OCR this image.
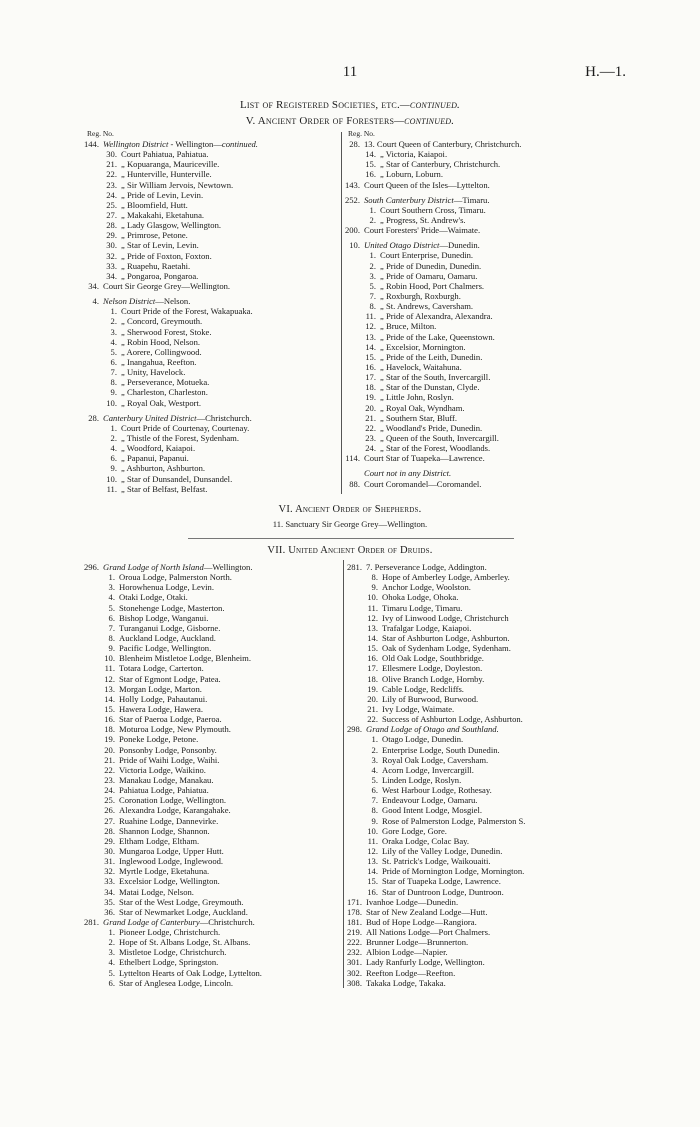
11	H.—1.
List of Registered Societies, etc.—continued.
V. Ancient Order of Foresters—continued.
Reg. No.	Reg. No.
144. Wellington District - Wellington—continued.
30. Court Pahiatua, Pahiatua.
21. „ Kopuaranga, Mauriceville.
22. „ Hunterville, Hunterville.
23. „ Sir William Jervois, Newtown.
24. „ Pride of Levin, Levin.
25. „ Bloomfield, Hutt.
27. „ Makakahi, Eketahuna.
28. „ Lady Glasgow, Wellington.
29. „ Primrose, Petone.
30. „ Star of Levin, Levin.
32. „ Pride of Foxton, Foxton.
33. „ Ruapehu, Raetahi.
34. „ Pongaroa, Pongaroa.
34. Court Sir George Grey—Wellington.
4. Nelson District—Nelson.
1. Court Pride of the Forest, Wakapuaka.
2. „ Concord, Greymouth.
3. „ Sherwood Forest, Stoke.
4. „ Robin Hood, Nelson.
5. „ Aorere, Collingwood.
6. „ Inangahua, Reefton.
7. „ Unity, Havelock.
8. „ Perseverance, Motueka.
9. „ Charleston, Charleston.
10. „ Royal Oak, Westport.
28. Canterbury United District—Christchurch.
1. Court Pride of Courtenay, Courtenay.
2. „ Thistle of the Forest, Sydenham.
4. „ Woodford, Kaiapoi.
6. „ Papanui, Papanui.
9. „ Ashburton, Ashburton.
10. „ Star of Dunsandel, Dunsandel.
11. „ Star of Belfast, Belfast.
28. 13. Court Queen of Canterbury, Christchurch.
14. „ Victoria, Kaiapoi.
15. „ Star of Canterbury, Christchurch.
16. „ Loburn, Loburn.
143. Court Queen of the Isles—Lyttelton.
252. South Canterbury District—Timaru.
1. Court Southern Cross, Timaru.
2. „ Progress, St. Andrew's.
200. Court Foresters' Pride—Waimate.
10. United Otago District—Dunedin.
1. Court Enterprise, Dunedin.
2. „ Pride of Dunedin, Dunedin.
3. „ Pride of Oamaru, Oamaru.
5. „ Robin Hood, Port Chalmers.
7. „ Roxburgh, Roxburgh.
8. „ St. Andrews, Caversham.
11. „ Pride of Alexandra, Alexandra.
12. „ Bruce, Milton.
13. „ Pride of the Lake, Queenstown.
14. „ Excelsior, Mornington.
15. „ Pride of the Leith, Dunedin.
16. „ Havelock, Waitahuna.
17. „ Star of the South, Invercargill.
18. „ Star of the Dunstan, Clyde.
19. „ Little John, Roslyn.
20. „ Royal Oak, Wyndham.
21. „ Southern Star, Bluff.
22. „ Woodland's Pride, Dunedin.
23. „ Queen of the South, Invercargill.
24. „ Star of the Forest, Woodlands.
114. Court Star of Tuapeka—Lawrence.
Court not in any District.
88. Court Coromandel—Coromandel.
VI. Ancient Order of Shepherds.
11. Sanctuary Sir George Grey—Wellington.
VII. United Ancient Order of Druids.
296. Grand Lodge of North Island—Wellington.
1. Oroua Lodge, Palmerston North.
3. Horowhenua Lodge, Levin.
4. Otaki Lodge, Otaki.
5. Stonehenge Lodge, Masterton.
6. Bishop Lodge, Wanganui.
7. Turanganui Lodge, Gisborne.
8. Auckland Lodge, Auckland.
9. Pacific Lodge, Wellington.
10. Blenheim Mistletoe Lodge, Blenheim.
11. Totara Lodge, Carterton.
12. Star of Egmont Lodge, Patea.
13. Morgan Lodge, Marton.
14. Holly Lodge, Pahautanui.
15. Hawera Lodge, Hawera.
16. Star of Paeroa Lodge, Paeroa.
18. Moturoa Lodge, New Plymouth.
19. Poneke Lodge, Petone.
20. Ponsonby Lodge, Ponsonby.
21. Pride of Waihi Lodge, Waihi.
22. Victoria Lodge, Waikino.
23. Manakau Lodge, Manakau.
24. Pahiatua Lodge, Pahiatua.
25. Coronation Lodge, Wellington.
26. Alexandra Lodge, Karangahake.
27. Ruahine Lodge, Dannevirke.
28. Shannon Lodge, Shannon.
29. Eltham Lodge, Eltham.
30. Mungaroa Lodge, Upper Hutt.
31. Inglewood Lodge, Inglewood.
32. Myrtle Lodge, Eketahuna.
33. Excelsior Lodge, Wellington.
34. Matai Lodge, Nelson.
35. Star of the West Lodge, Greymouth.
36. Star of Newmarket Lodge, Auckland.
281. Grand Lodge of Canterbury—Christchurch.
1. Pioneer Lodge, Christchurch.
2. Hope of St. Albans Lodge, St. Albans.
3. Mistletoe Lodge, Christchurch.
4. Ethelbert Lodge, Springston.
5. Lyttelton Hearts of Oak Lodge, Lyttelton.
6. Star of Anglesea Lodge, Lincoln.
281. 7. Perseverance Lodge, Addington.
8. Hope of Amberley Lodge, Amberley.
9. Anchor Lodge, Woolston.
10. Ohoka Lodge, Ohoka.
11. Timaru Lodge, Timaru.
12. Ivy of Linwood Lodge, Christchurch
13. Trafalgar Lodge, Kaiapoi.
14. Star of Ashburton Lodge, Ashburton.
15. Oak of Sydenham Lodge, Sydenham.
16. Old Oak Lodge, Southbridge.
17. Ellesmere Lodge, Doyleston.
18. Olive Branch Lodge, Hornby.
19. Cable Lodge, Redcliffs.
20. Lily of Burwood, Burwood.
21. Ivy Lodge, Waimate.
22. Success of Ashburton Lodge, Ashburton.
298. Grand Lodge of Otago and Southland.
1. Otago Lodge, Dunedin.
2. Enterprise Lodge, South Dunedin.
3. Royal Oak Lodge, Caversham.
4. Acorn Lodge, Invercargill.
5. Linden Lodge, Roslyn.
6. West Harbour Lodge, Rothesay.
7. Endeavour Lodge, Oamaru.
8. Good Intent Lodge, Mosgiel.
9. Rose of Palmerston Lodge, Palmerston S.
10. Gore Lodge, Gore.
11. Oraka Lodge, Colac Bay.
12. Lily of the Valley Lodge, Dunedin.
13. St. Patrick's Lodge, Waikouaiti.
14. Pride of Mornington Lodge, Mornington.
15. Star of Tuapeka Lodge, Lawrence.
16. Star of Duntroon Lodge, Duntroon.
171. Ivanhoe Lodge—Dunedin.
178. Star of New Zealand Lodge—Hutt.
181. Bud of Hope Lodge—Rangiora.
219. All Nations Lodge—Port Chalmers.
222. Brunner Lodge—Brunnerton.
232. Albion Lodge—Napier.
301. Lady Ranfurly Lodge, Wellington.
302. Reefton Lodge—Reefton.
308. Takaka Lodge, Takaka.
